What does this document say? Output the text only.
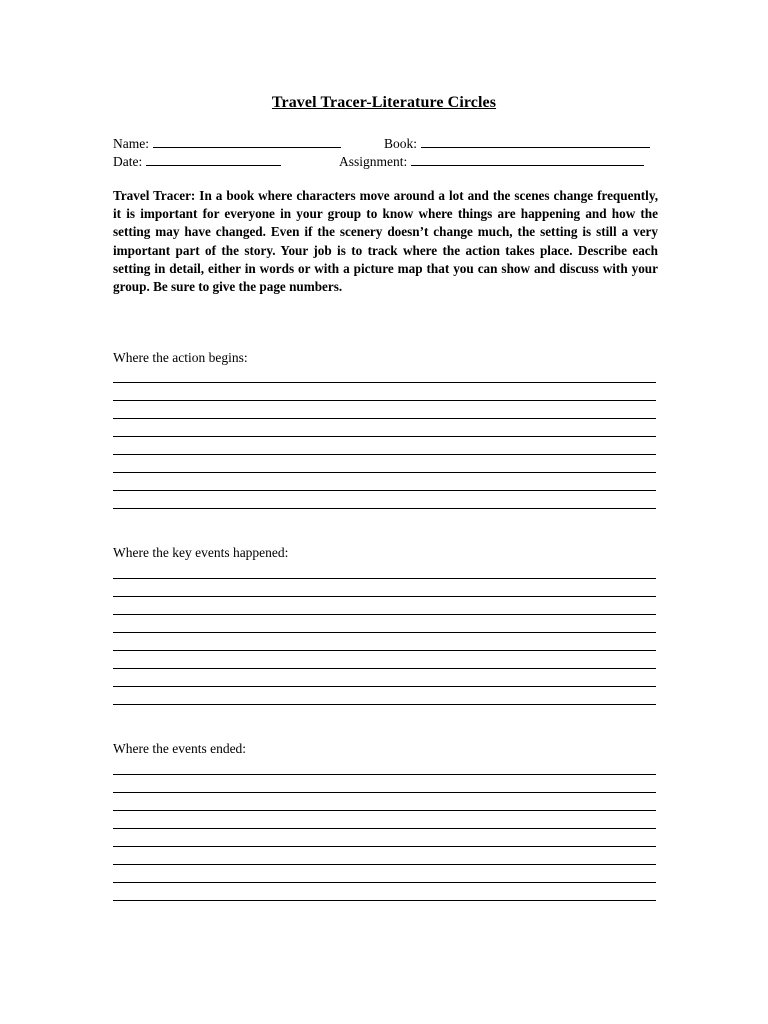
Travel Tracer-Literature Circles
Name:	Book:
Date:	Assignment:

Travel Tracer: In a book where characters move around a lot and the scenes change frequently, it is important for everyone in your group to know where things are happening and how the setting may have changed. Even if the scenery doesn’t change much, the setting is still a very important part of the story. Your job is to track where the action takes place. Describe each setting in detail, either in words or with a picture map that you can show and discuss with your group. Be sure to give the page numbers.

Where the action begins:
Where the key events happened:
Where the events ended:
